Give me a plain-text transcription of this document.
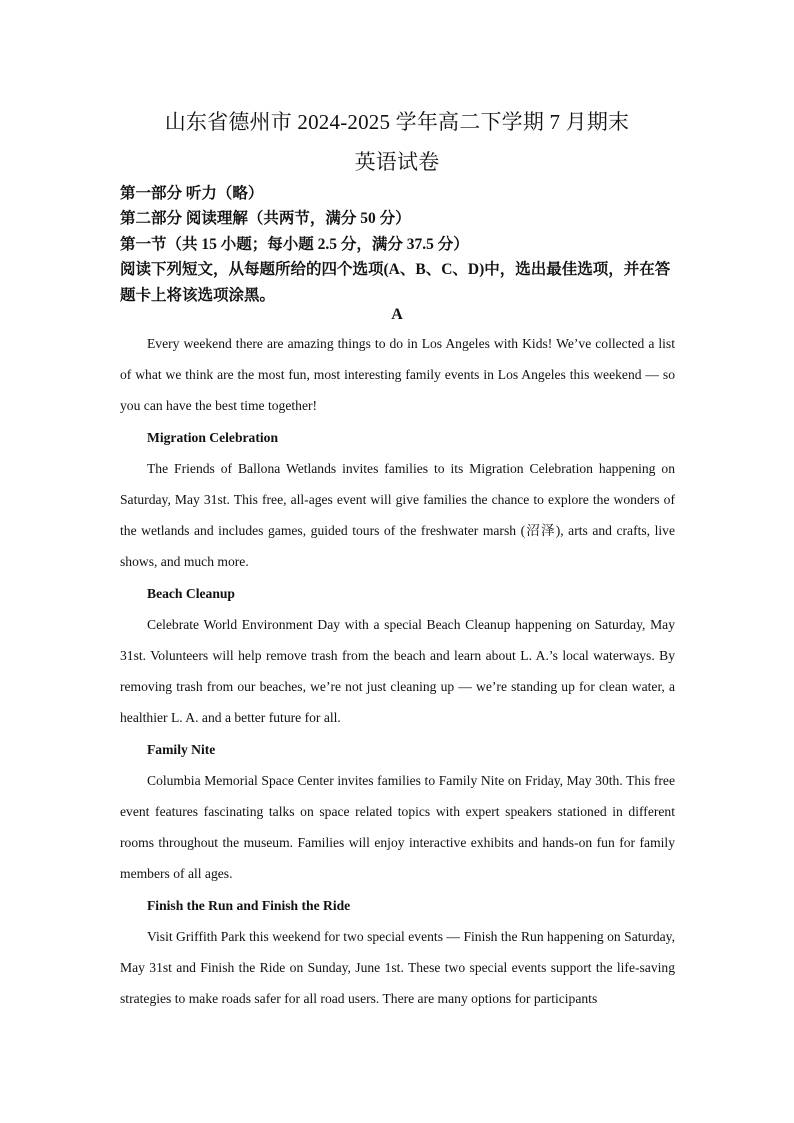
山东省德州市 2024-2025 学年高二下学期 7 月期末
英语试卷
第一部分 听力（略）
第二部分 阅读理解（共两节，满分 50 分）
第一节（共 15 小题；每小题 2.5 分，满分 37.5 分）
阅读下列短文，从每题所给的四个选项(A、B、C、D)中，选出最佳选项，并在答题卡上将该选项涂黑。
A

Every weekend there are amazing things to do in Los Angeles with Kids! We’ve collected a list of what we think are the most fun, most interesting family events in Los Angeles this weekend — so you can have the best time together!

Migration Celebration

The Friends of Ballona Wetlands invites families to its Migration Celebration happening on Saturday, May 31st. This free, all-ages event will give families the chance to explore the wonders of the wetlands and includes games, guided tours of the freshwater marsh (沼泽), arts and crafts, live shows, and much more.

Beach Cleanup

Celebrate World Environment Day with a special Beach Cleanup happening on Saturday, May 31st. Volunteers will help remove trash from the beach and learn about L. A.’s local waterways. By removing trash from our beaches, we’re not just cleaning up — we’re standing up for clean water, a healthier L. A. and a better future for all.

Family Nite

Columbia Memorial Space Center invites families to Family Nite on Friday, May 30th. This free event features fascinating talks on space related topics with expert speakers stationed in different rooms throughout the museum. Families will enjoy interactive exhibits and hands-on fun for family members of all ages.

Finish the Run and Finish the Ride

Visit Griffith Park this weekend for two special events — Finish the Run happening on Saturday, May 31st and Finish the Ride on Sunday, June 1st. These two special events support the life-saving strategies to make roads safer for all road users. There are many options for participants
